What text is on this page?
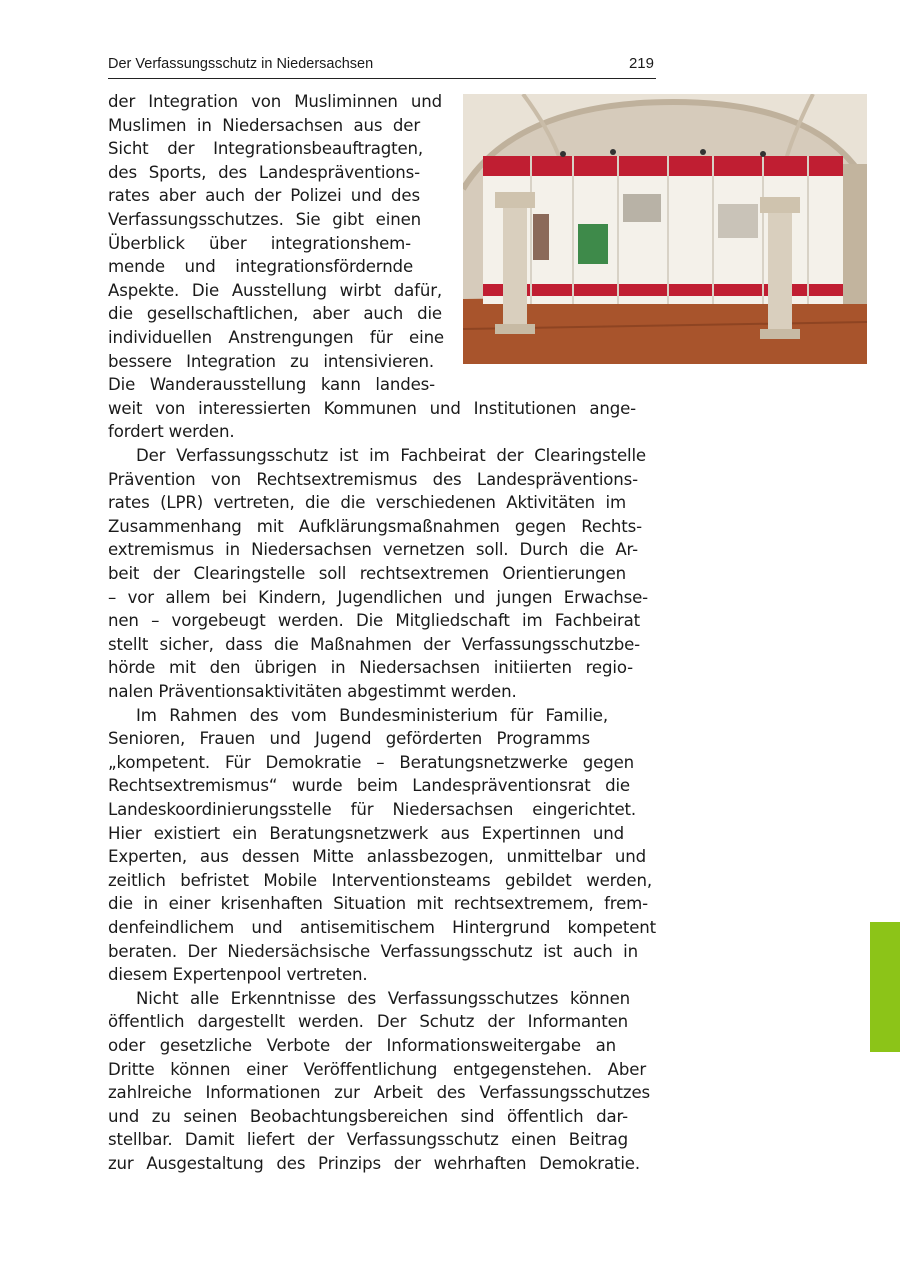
Der Verfassungsschutz in Niedersachsen	219
der Integration von Musliminnen und
Muslimen in Niedersachsen aus der
Sicht der Integrationsbeauftragten,
des Sports, des Landespräventions-
rates aber auch der Polizei und des
Verfassungsschutzes. Sie gibt einen
Überblick über integrationshem-
mende und integrationsfördernde
Aspekte. Die Ausstellung wirbt dafür,
die gesellschaftlichen, aber auch die
individuellen Anstrengungen für eine
bessere Integration zu intensivieren.
Die Wanderausstellung kann landes-
weit von interessierten Kommunen und Institutionen ange-
fordert werden.
Der Verfassungsschutz ist im Fachbeirat der Clearingstelle
Prävention von Rechtsextremismus des Landespräventions-
rates (LPR) vertreten, die die verschiedenen Aktivitäten im
Zusammenhang mit Aufklärungsmaßnahmen gegen Rechts-
extremismus in Niedersachsen vernetzen soll. Durch die Ar-
beit der Clearingstelle soll rechtsextremen Orientierungen
– vor allem bei Kindern, Jugendlichen und jungen Erwachse-
nen – vorgebeugt werden. Die Mitgliedschaft im Fachbeirat
stellt sicher, dass die Maßnahmen der Verfassungsschutzbe-
hörde mit den übrigen in Niedersachsen initiierten regio-
nalen Präventionsaktivitäten abgestimmt werden.
Im Rahmen des vom Bundesministerium für Familie,
Senioren, Frauen und Jugend geförderten Programms
„kompetent. Für Demokratie – Beratungsnetzwerke gegen
Rechtsextremismus“ wurde beim Landespräventionsrat die
Landeskoordinierungsstelle für Niedersachsen eingerichtet.
Hier existiert ein Beratungsnetzwerk aus Expertinnen und
Experten, aus dessen Mitte anlassbezogen, unmittelbar und
zeitlich befristet Mobile Interventionsteams gebildet werden,
die in einer krisenhaften Situation mit rechtsextremem, frem-
denfeindlichem und antisemitischem Hintergrund kompetent
beraten. Der Niedersächsische Verfassungsschutz ist auch in
diesem Expertenpool vertreten.
Nicht alle Erkenntnisse des Verfassungsschutzes können
öffentlich dargestellt werden. Der Schutz der Informanten
oder gesetzliche Verbote der Informationsweitergabe an
Dritte können einer Veröffentlichung entgegenstehen. Aber
zahlreiche Informationen zur Arbeit des Verfassungsschutzes
und zu seinen Beobachtungsbereichen sind öffentlich dar-
stellbar. Damit liefert der Verfassungsschutz einen Beitrag
zur Ausgestaltung des Prinzips der wehrhaften Demokratie.
